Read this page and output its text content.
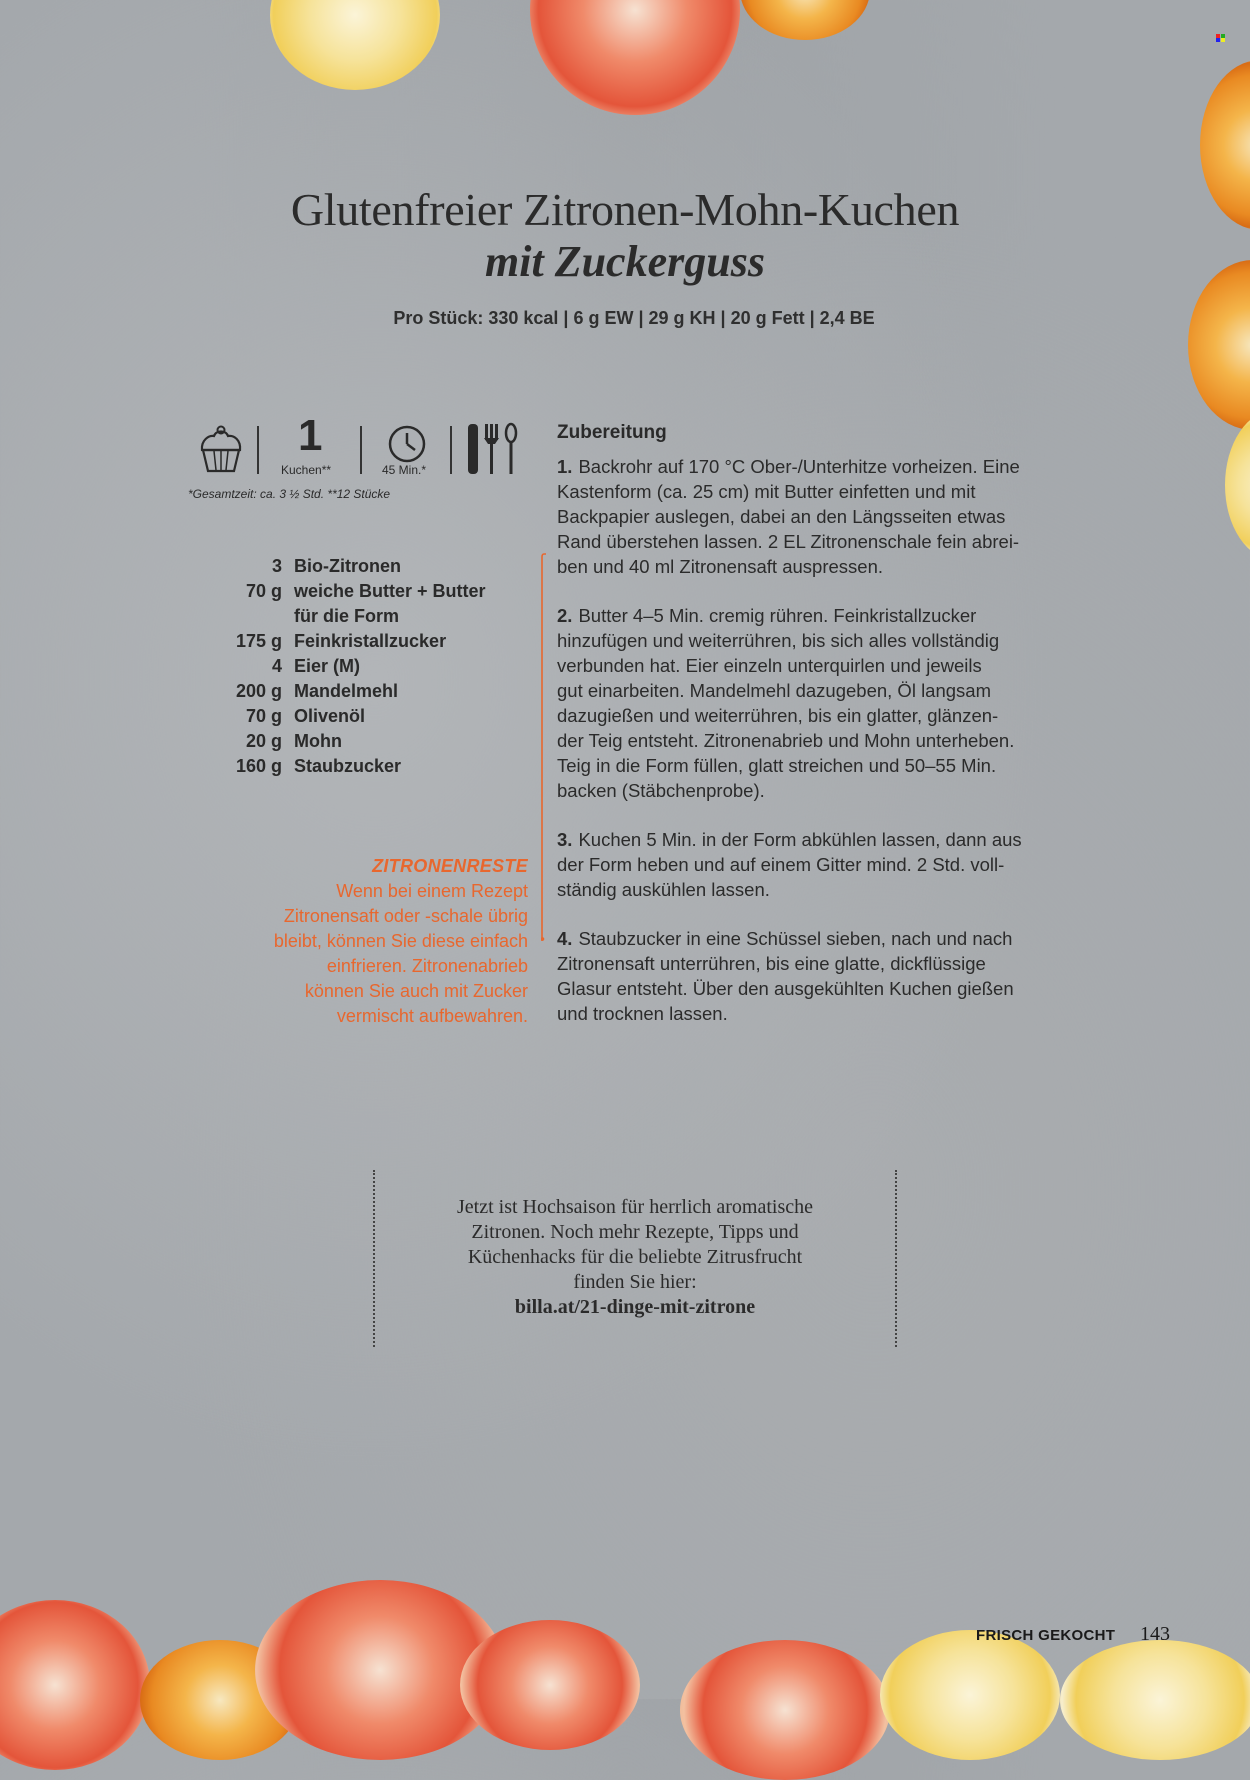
Glutenfreier Zitronen-Mohn-Kuchen
mit Zuckerguss
Pro Stück: 330 kcal | 6 g EW | 29 g KH | 20 g Fett | 2,4 BE
1
Kuchen**	45 Min.*
*Gesamtzeit: ca. 3 ½ Std. **12 Stücke
3 Bio-Zitronen
70 g weiche Butter + Butter
für die Form
175 g Feinkristallzucker
4 Eier (M)
200 g Mandelmehl
70 g Olivenöl
20 g Mohn
160 g Staubzucker
ZITRONENRESTE
Wenn bei einem Rezept
Zitronensaft oder -schale übrig
bleibt, können Sie diese einfach
einfrieren. Zitronenabrieb
können Sie auch mit Zucker
vermischt aufbewahren.
Zubereitung
1. Backrohr auf 170 °C Ober-/Unterhitze vorheizen. Eine
Kastenform (ca. 25 cm) mit Butter einfetten und mit
Backpapier auslegen, dabei an den Längsseiten etwas
Rand überstehen lassen. 2 EL Zitronenschale fein abrei-
ben und 40 ml Zitronensaft auspressen.
2. Butter 4–5 Min. cremig rühren. Feinkristallzucker
hinzufügen und weiterrühren, bis sich alles vollständig
verbunden hat. Eier einzeln unterquirlen und jeweils
gut einarbeiten. Mandelmehl dazugeben, Öl langsam
dazugießen und weiterrühren, bis ein glatter, glänzen-
der Teig entsteht. Zitronenabrieb und Mohn unterheben.
Teig in die Form füllen, glatt streichen und 50–55 Min.
backen (Stäbchenprobe).
3. Kuchen 5 Min. in der Form abkühlen lassen, dann aus
der Form heben und auf einem Gitter mind. 2 Std. voll-
ständig auskühlen lassen.
4. Staubzucker in eine Schüssel sieben, nach und nach
Zitronensaft unterrühren, bis eine glatte, dickflüssige
Glasur entsteht. Über den ausgekühlten Kuchen gießen
und trocknen lassen.
Jetzt ist Hochsaison für herrlich aromatische
Zitronen. Noch mehr Rezepte, Tipps und
Küchenhacks für die beliebte Zitrusfrucht
finden Sie hier:
billa.at/21-dinge-mit-zitrone
FRISCH GEKOCHT 143
